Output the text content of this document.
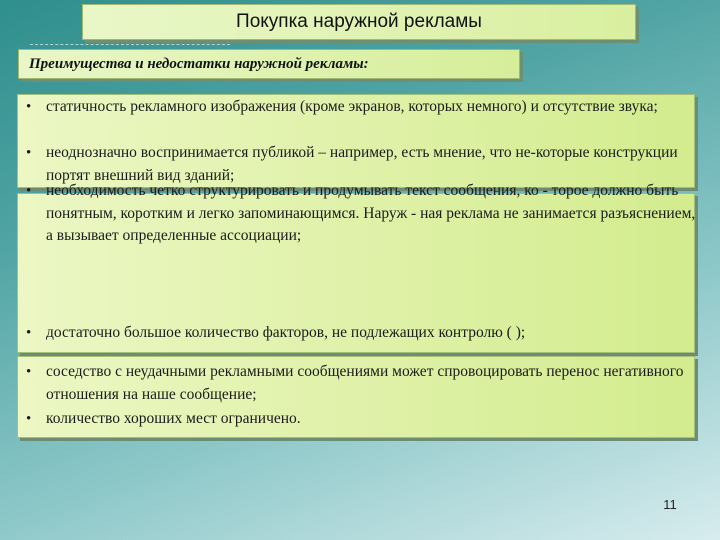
Покупка наружной рекламы
Преимущества и недостатки наружной рекламы:
• статичность рекламного изображения (кроме экранов, которых немного) и отсутствие звука;
• неоднозначно воспринимается публикой – например, есть мнение, что не-которые конструкции портят внешний вид зданий;
• необходимость четко структурировать и продумывать текст сообщения, ко - торое должно быть понятным, коротким и легко запоминающимся. Наруж - ная реклама не занимается разъяснением, а вызывает определенные ассоциации;
• достаточно большое количество факторов, не подлежащих контролю ( );
• соседство с неудачными рекламными сообщениями может спровоцировать перенос негативного отношения на наше сообщение;
• количество хороших мест ограничено.
11
